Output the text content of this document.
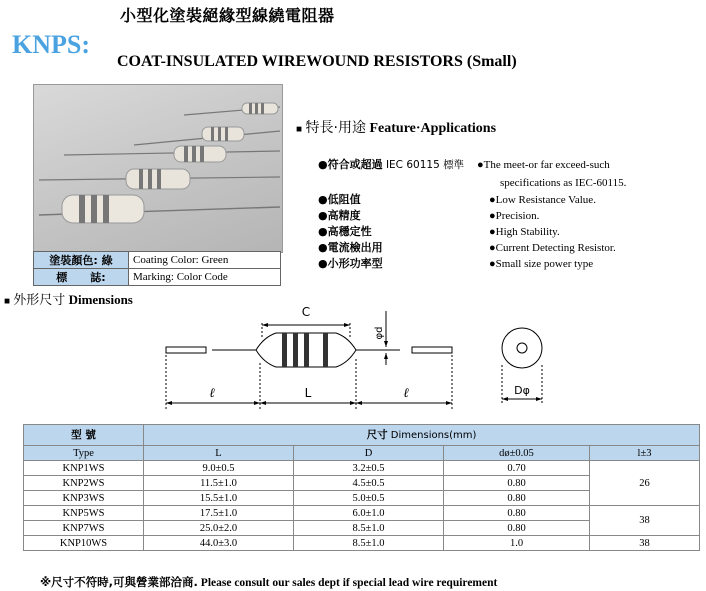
小型化塗裝絕緣型線繞電阻器
KNPS:
COAT-INSULATED WIREWOUND RESISTORS (Small)
塗裝顏色: 綠	Coating Color: Green
標      誌:	Marking: Color Code
■ 特長·用途 Feature·Applications
●符合或超過 IEC 60115 標準 ●The meet-or far exceed-such
specifications as IEC-60115.
●低阻值	●Low Resistance Value.
●高精度	●Precision.
●高穩定性	●High Stability.
●電流檢出用	●Current Detecting Resistor.
●小形功率型	●Small size power type
■ 外形尺寸 Dimensions
C
L
ℓ	ℓ
φd
Dφ
型 號	尺寸 Dimensions(mm)			
Type	L	D	dø±0.05	l±3
KNP1WS	9.0±0.5	3.2±0.5	0.70	26
KNP2WS	11.5±1.0	4.5±0.5	0.80	
KNP3WS	15.5±1.0	5.0±0.5	0.80	
KNP5WS	17.5±1.0	6.0±1.0	0.80	38
KNP7WS	25.0±2.0	8.5±1.0	0.80	
KNP10WS	44.0±3.0	8.5±1.0	1.0	38
※尺寸不符時,可與營業部洽商. Please consult our sales dept if special lead wire requirement
